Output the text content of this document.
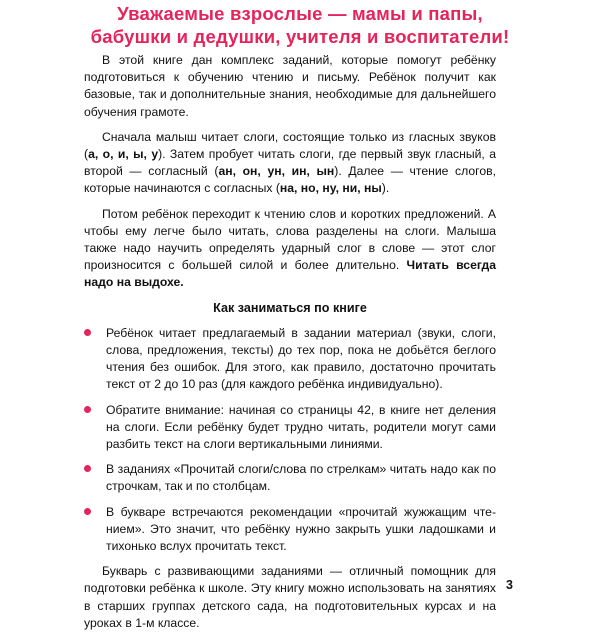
Уважаемые взрослые — мамы и папы,
бабушки и дедушки, учителя и воспитатели!

В этой книге дан комплекс заданий, которые помогут ребёнку подготовиться к обучению чтению и письму. Ребёнок получит как базовые, так и дополнительные знания, необходимые для дальнейшего обучения грамоте.

Сначала малыш читает слоги, состоящие только из гласных звуков (а, о, и, ы, у). Затем пробует читать слоги, где первый звук гласный, а второй — согласный (ан, он, ун, ин, ын). Далее — чтение слогов, которые начинаются с согласных (на, но, ну, ни, ны).

Потом ребёнок переходит к чтению слов и коротких предложений. А чтобы ему легче было читать, слова разделены на слоги. Малыша также надо научить определять ударный слог в слове — этот слог произносится с большей силой и более длительно. Читать всегда надо на выдохе.

Как заниматься по книге
Ребёнок читает предлагаемый в задании материал (звуки, слоги, слова, предложения, тексты) до тех пор, пока не добьётся беглого чтения без ошибок. Для этого, как правило, достаточно прочитать текст от 2 до 10 раз (для каждого ребёнка индивидуально).
Обратите внимание: начиная со страницы 42, в книге нет деления на слоги. Если ребёнку будет трудно читать, родители могут сами разбить текст на слоги вертикальными линиями.
В заданиях «Прочитай слоги/слова по стрелкам» читать надо как по строчкам, так и по столбцам.
В букваре встречаются рекомендации «прочитай жужжащим чтением». Это значит, что ребёнку нужно закрыть ушки ладошками и тихонько вслух прочитать текст.

Букварь с развивающими заданиями — отличный помощник для подготовки ребёнка к школе. Эту книгу можно использовать на занятиях в старших группах детского сада, на подготовительных курсах и на уроках в 1-м классе.

3
